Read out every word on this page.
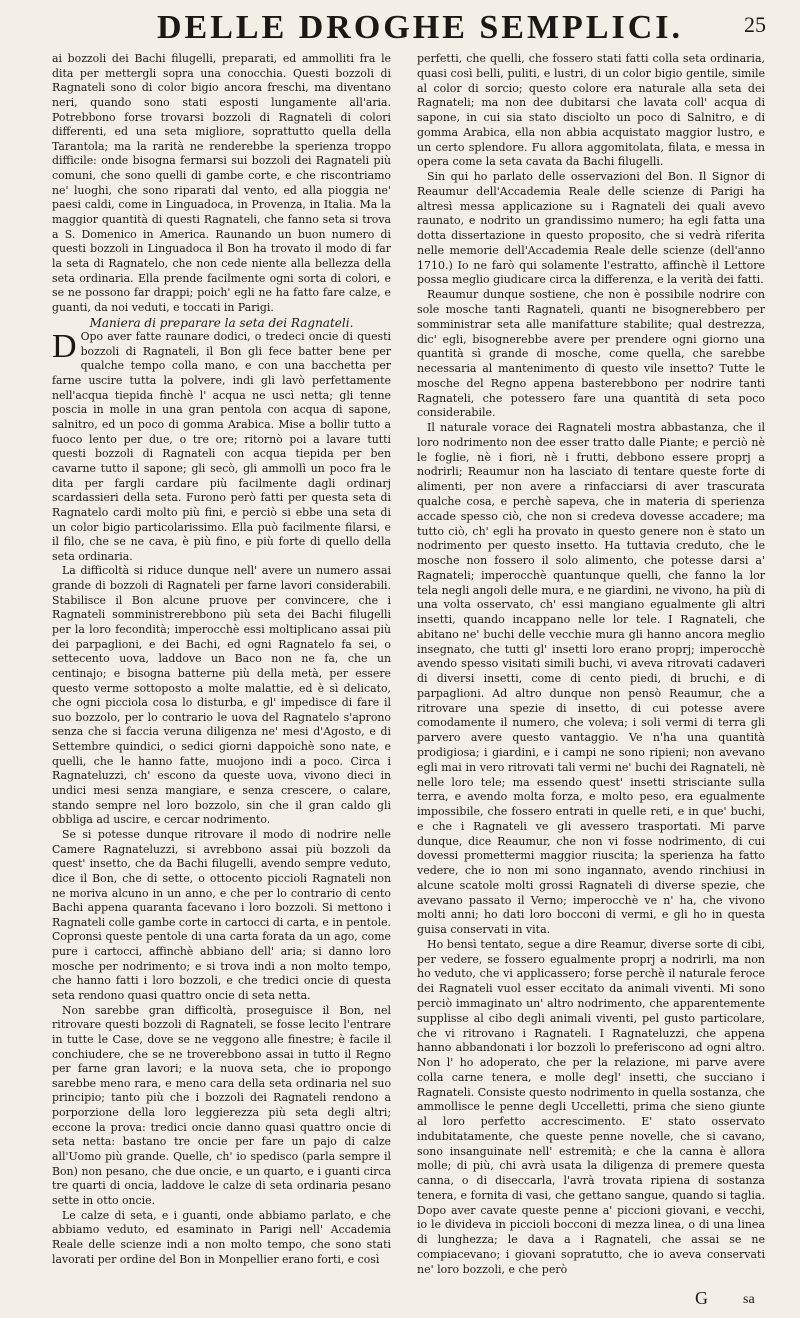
DELLE DROGHE SEMPLICI.	25

ai bozzoli dei Bachi filugelli, preparati, ed ammolliti fra le dita per mettergli sopra una conocchia. Questi bozzoli di Ragnateli sono di color bigio ancora freschi, ma diventano neri, quando sono stati esposti lungamente all'aria. Potrebbono forse trovarsi bozzoli di Ragnateli di colori differenti, ed una seta migliore, soprattutto quella della Tarantola; ma la rarità ne renderebbe la sperienza troppo difficile: onde bisogna fermarsi sui bozzoli dei Ragnateli più comuni, che sono quelli di gambe corte, e che riscontriamo ne' luoghi, che sono riparati dal vento, ed alla pioggia ne' paesi caldi, come in Linguadoca, in Provenza, in Italia. Ma la maggior quantità di questi Ragnateli, che fanno seta si trova a S. Domenico in America. Raunando un buon numero di questi bozzoli in Linguadoca il Bon ha trovato il modo di far la seta di Ragnatelo, che non cede niente alla bellezza della seta ordinaria. Ella prende facilmente ogni sorta di colori, e se ne possono far drappi; poich' egli ne ha fatto fare calze, e guanti, da noi veduti, e toccati in Parigi.

Maniera di preparare la seta dei Ragnateli.

D Opo aver fatte raunare dodici, o tredeci oncie di questi bozzoli di Ragnateli, il Bon gli fece batter bene per qualche tempo colla mano, e con una bacchetta per farne uscire tutta la polvere, indi gli lavò perfettamente nell'acqua tiepida finchè l' acqua ne uscì netta; gli tenne poscia in molle in una gran pentola con acqua di sapone, salnitro, ed un poco di gomma Arabica. Mise a bollir tutto a fuoco lento per due, o tre ore; ritornò poi a lavare tutti questi bozzoli di Ragnateli con acqua tiepida per ben cavarne tutto il sapone; gli secò, gli ammollì un poco fra le dita per fargli cardare più facilmente dagli ordinarj scardassieri della seta. Furono però fatti per questa seta di Ragnatelo cardi molto più fini, e perciò si ebbe una seta di un color bigio particolarissimo. Ella può facilmente filarsi, e il filo, che se ne cava, è più fino, e più forte di quello della seta ordinaria.

La difficoltà si riduce dunque nell' avere un numero assai grande di bozzoli di Ragnateli per farne lavori considerabili. Stabilisce il Bon alcune pruove per convincere, che i Ragnateli somministrerebbono più seta dei Bachi filugelli per la loro fecondità; imperocchè essi moltiplicano assai più dei parpaglioni, e dei Bachi, ed ogni Ragnatelo fa sei, o settecento uova, laddove un Baco non ne fa, che un centinajo; e bisogna batterne più della metà, per essere questo verme sottoposto a molte malattie, ed è sì delicato, che ogni picciola cosa lo disturba, e gl' impedisce di fare il suo bozzolo, per lo contrario le uova del Ragnatelo s'aprono senza che si faccia veruna diligenza ne' mesi d'Agosto, e di Settembre quindici, o sedici giorni dappoichè sono nate, e quelli, che le hanno fatte, muojono indi a poco. Circa i Ragnateluzzi, ch' escono da queste uova, vivono dieci in undici mesi senza mangiare, e senza crescere, o calare, stando sempre nel loro bozzolo, sin che il gran caldo gli obbliga ad uscire, e cercar nodrimento.

Se si potesse dunque ritrovare il modo di nodrire nelle Camere Ragnateluzzi, si avrebbono assai più bozzoli da quest' insetto, che da Bachi filugelli, avendo sempre veduto, dice il Bon, che di sette, o ottocento piccioli Ragnateli non ne moriva alcuno in un anno, e che per lo contrario di cento Bachi appena quaranta facevano i loro bozzoli. Si mettono i Ragnateli colle gambe corte in cartocci di carta, e in pentole. Copronsi queste pentole di una carta forata da un ago, come pure i cartocci, affinchè abbiano dell' aria; si danno loro mosche per nodrimento; e si trova indi a non molto tempo, che hanno fatti i loro bozzoli, e che tredici oncie di questa seta rendono quasi quattro oncie di seta netta.

Non sarebbe gran difficoltà, proseguisce il Bon, nel ritrovare questi bozzoli di Ragnateli, se fosse lecito l'entrare in tutte le Case, dove se ne veggono alle finestre; è facile il conchiudere, che se ne troverebbono assai in tutto il Regno per farne gran lavori; e la nuova seta, che io propongo sarebbe meno rara, e meno cara della seta ordinaria nel suo principio; tanto più che i bozzoli dei Ragnateli rendono a porporzione della loro leggierezza più seta degli altri; eccone la prova: tredici oncie danno quasi quattro oncie di seta netta: bastano tre oncie per fare un pajo di calze all'Uomo più grande. Quelle, ch' io spedisco (parla sempre il Bon) non pesano, che due oncie, e un quarto, e i guanti circa tre quarti di oncia, laddove le calze di seta ordinaria pesano sette in otto oncie.

Le calze di seta, e i guanti, onde abbiamo parlato, e che abbiamo veduto, ed esaminato in Parigi nell' Accademia Reale delle scienze indi a non molto tempo, che sono stati lavorati per ordine del Bon in Monpellier erano forti, e così

perfetti, che quelli, che fossero stati fatti colla seta ordinaria, quasi così belli, puliti, e lustri, di un color bigio gentile, simile al color di sorcio; questo colore era naturale alla seta dei Ragnateli; ma non dee dubitarsi che lavata coll' acqua di sapone, in cui sia stato disciolto un poco di Salnitro, e di gomma Arabica, ella non abbia acquistato maggior lustro, e un certo splendore. Fu allora aggomitolata, filata, e messa in opera come la seta cavata da Bachi filugelli.

Sin qui ho parlato delle osservazioni del Bon. Il Signor di Reaumur dell'Accademia Reale delle scienze di Parigi ha altresì messa applicazione su i Ragnateli dei quali avevo raunato, e nodrito un grandissimo numero; ha egli fatta una dotta dissertazione in questo proposito, che si vedrà riferita nelle memorie dell'Accademia Reale delle scienze (dell'anno 1710.) Io ne farò qui solamente l'estratto, affinchè il Lettore possa meglio giudicare circa la differenza, e la verità dei fatti.

Reaumur dunque sostiene, che non è possibile nodrire con sole mosche tanti Ragnateli, quanti ne bisognerebbero per somministrar seta alle manifatture stabilite; qual destrezza, dic' egli, bisognerebbe avere per prendere ogni giorno una quantità sì grande di mosche, come quella, che sarebbe necessaria al mantenimento di questo vile insetto? Tutte le mosche del Regno appena basterebbono per nodrire tanti Ragnateli, che potessero fare una quantità di seta poco considerabile.

Il naturale vorace dei Ragnateli mostra abbastanza, che il loro nodrimento non dee esser tratto dalle Piante; e perciò nè le foglie, nè i fiori, nè i frutti, debbono essere proprj a nodrirli; Reaumur non ha lasciato di tentare queste forte di alimenti, per non avere a rinfacciarsi di aver trascurata qualche cosa, e perchè sapeva, che in materia di sperienza accade spesso ciò, che non si credeva dovesse accadere; ma tutto ciò, ch' egli ha provato in questo genere non è stato un nodrimento per questo insetto. Ha tuttavia creduto, che le mosche non fossero il solo alimento, che potesse darsi a' Ragnateli; imperocchè quantunque quelli, che fanno la lor tela negli angoli delle mura, e ne giardini, ne vivono, ha più di una volta osservato, ch' essi mangiano egualmente gli altri insetti, quando incappano nelle lor tele. I Ragnateli, che abitano ne' buchi delle vecchie mura gli hanno ancora meglio insegnato, che tutti gl' insetti loro erano proprj; imperocchè avendo spesso visitati simili buchi, vi aveva ritrovati cadaveri di diversi insetti, come di cento piedi, di bruchi, e di parpaglioni. Ad altro dunque non pensò Reaumur, che a ritrovare una spezie di insetto, di cui potesse avere comodamente il numero, che voleva; i soli vermi di terra gli parvero avere questo vantaggio. Ve n'ha una quantità prodigiosa; i giardini, e i campi ne sono ripieni; non avevano egli mai in vero ritrovati tali vermi ne' buchi dei Ragnateli, nè nelle loro tele; ma essendo quest' insetti strisciante sulla terra, e avendo molta forza, e molto peso, era egualmente impossibile, che fossero entrati in quelle reti, e in que' buchi, e che i Ragnateli ve gli avessero trasportati. Mi parve dunque, dice Reaumur, che non vi fosse nodrimento, di cui dovessi promettermi maggior riuscita; la sperienza ha fatto vedere, che io non mi sono ingannato, avendo rinchiusi in alcune scatole molti grossi Ragnateli di diverse spezie, che avevano passato il Verno; imperocchè ve n' ha, che vivono molti anni; ho dati loro bocconi di vermi, e gli ho in questa guisa conservati in vita.

Ho bensì tentato, segue a dire Reamur, diverse sorte di cibi, per vedere, se fossero egualmente proprj a nodrirli, ma non ho veduto, che vi applicassero; forse perchè il naturale feroce dei Ragnateli vuol esser eccitato da animali viventi. Mi sono perciò immaginato un' altro nodrimento, che apparentemente supplisse al cibo degli animali viventi, pel gusto particolare, che vi ritrovano i Ragnateli. I Ragnateluzzi, che appena hanno abbandonati i lor bozzoli lo preferiscono ad ogni altro. Non l' ho adoperato, che per la relazione, mi parve avere colla carne tenera, e molle degl' insetti, che succiano i Ragnateli. Consiste questo nodrimento in quella sostanza, che ammollisce le penne degli Uccelletti, prima che sieno giunte al loro perfetto accrescimento. E' stato osservato indubitatamente, che queste penne novelle, che si cavano, sono insanguinate nell' estremità; e che la canna è allora molle; di più, chi avrà usata la diligenza di premere questa canna, o di diseccarla, l'avrà trovata ripiena di sostanza tenera, e fornita di vasi, che gettano sangue, quando si taglia. Dopo aver cavate queste penne a' piccioni giovani, e vecchi, io le divideva in piccioli bocconi di mezza linea, o di una linea di lunghezza; le dava a i Ragnateli, che assai se ne compiacevano; i giovani sopratutto, che io aveva conservati ne' loro bozzoli, e che però

G	sa
